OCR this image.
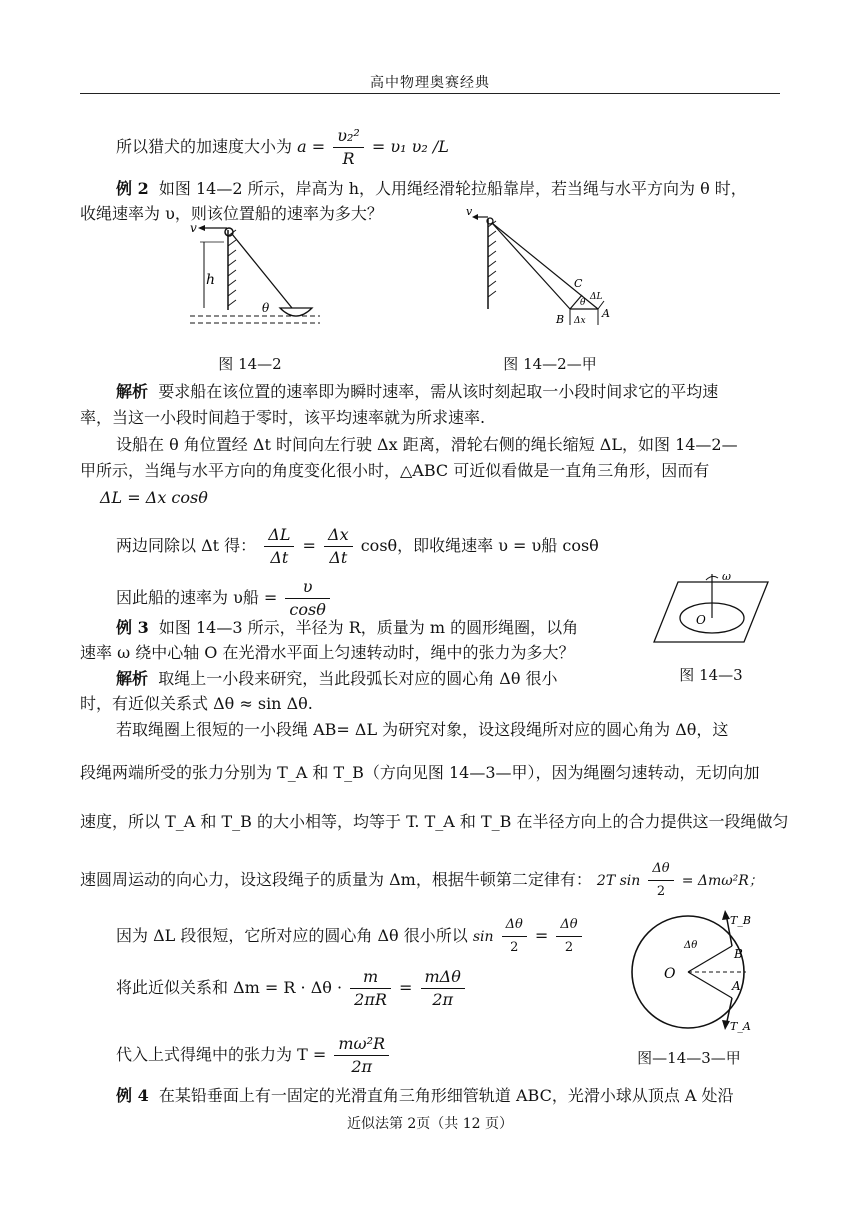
高中物理奥赛经典
所以猎犬的加速度大小为 $a = \frac{\text{υ₂²}}{R} = \upsilon_1$ υ₂ /L
例 2 如图 14—2 所示，岸高为 h，人用绳经滑轮拉船靠岸，若当绳与水平方向为 θ 时，
收绳速率为 υ，则该位置船的速率为多大？
v
h
θ
图 14—2
v
C
ΔL
θ
B Δx
A
图 14—2—甲
解析 要求船在该位置的速率即为瞬时速率，需从该时刻起取一小段时间求它的平均速
率，当这一小段时间趋于零时，该平均速率就为所求速率.
设船在 θ 角位置经 Δt 时间向左行驶 Δx 距离，滑轮右侧的绳长缩短 ΔL，如图 14—2—
甲所示，当绳与水平方向的角度变化很小时，△ABC 可近似看做是一直角三角形，因而有
ΔL = Δx cosθ
两边同除以 Δt 得： $\frac{\Delta L}{\Delta t} = \frac{\Delta x}{\Delta t}$ cosθ，即收绳速率 υ = υ船 cosθ
因此船的速率为 υ船 = $\frac{\upsilon}{\cos\theta}$	ω
O
图 14—3
例 3 如图 14—3 所示，半径为 R，质量为 m 的圆形绳圈，以角
速率 ω 绕中心轴 O 在光滑水平面上匀速转动时，绳中的张力为多大？
解析 取绳上一小段来研究，当此段弧长对应的圆心角 Δθ 很小
时，有近似关系式 Δθ ≈ sin Δθ.
若取绳圈上很短的一小段绳 AB= ΔL 为研究对象，设这段绳所对应的圆心角为 Δθ，这
段绳两端所受的张力分别为 T_A 和 T_B（方向见图 14—3—甲），因为绳圈匀速转动，无切向加
速度，所以 T_A 和 T_B 的大小相等，均等于 T. T_A 和 T_B 在半径方向上的合力提供这一段绳做匀
速圆周运动的向心力，设这段绳子的质量为 Δm，根据牛顿第二定律有： 2T $\sin \frac{\Delta\theta}{2} = \Delta m\omega^2R$；
T_B
B
Δθ
O
A
T_A
图—14—3—甲
因为 ΔL 段很短，它所对应的圆心角 Δθ 很小所以 $\sin \frac{\Delta\theta}{2} = \frac{\Delta\theta}{2}$
将此近似关系和 $\Delta m = R \cdot \Delta\theta \cdot \frac{m}{2\pi R} = \frac{\text{mΔθ}}{2\pi}$
代入上式得绳中的张力为 $T = \frac{\text{mω²R}}{2\pi}$
例 4 在某铅垂面上有一固定的光滑直角三角形细管轨道 ABC，光滑小球从顶点 A 处沿
近似法第 2页（共 12 页）
